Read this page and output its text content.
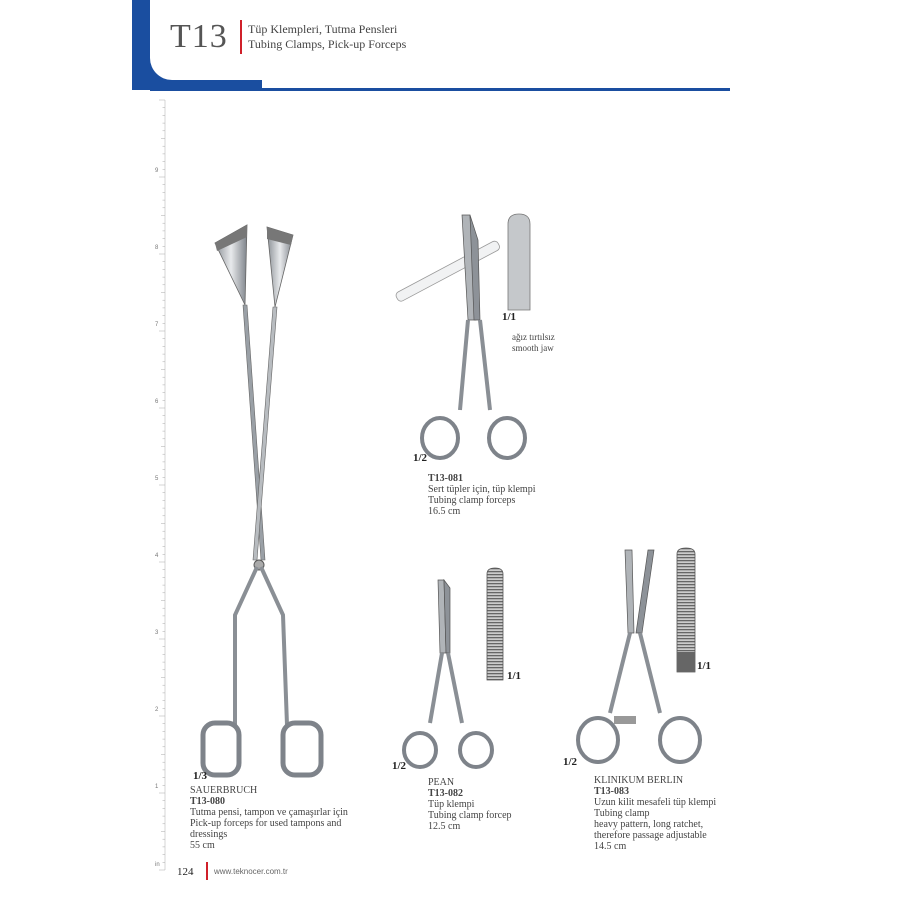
T13 Tüp Klempleri, Tutma Pensleri
Tubing Clamps, Pick-up Forceps
9
8
7
6
5
4
3
2
1
in
1/3
1/2
1/1
1/2
1/1
1/2
1/1
ağız tırtılsız
smooth jaw
SAUERBRUCH
T13-080
Tutma pensi, tampon ve çamaşırlar için
Pick-up forceps for used tampons and
dressings
55 cm
T13-081
Sert tüpler için, tüp klempi
Tubing clamp forceps
16.5 cm
PEAN
T13-082
Tüp klempi
Tubing clamp forcep
12.5 cm
KLINIKUM BERLIN
T13-083
Uzun kilit mesafeli tüp klempi
Tubing clamp
heavy pattern, long ratchet,
therefore passage adjustable
14.5 cm
124	www.teknocer.com.tr
